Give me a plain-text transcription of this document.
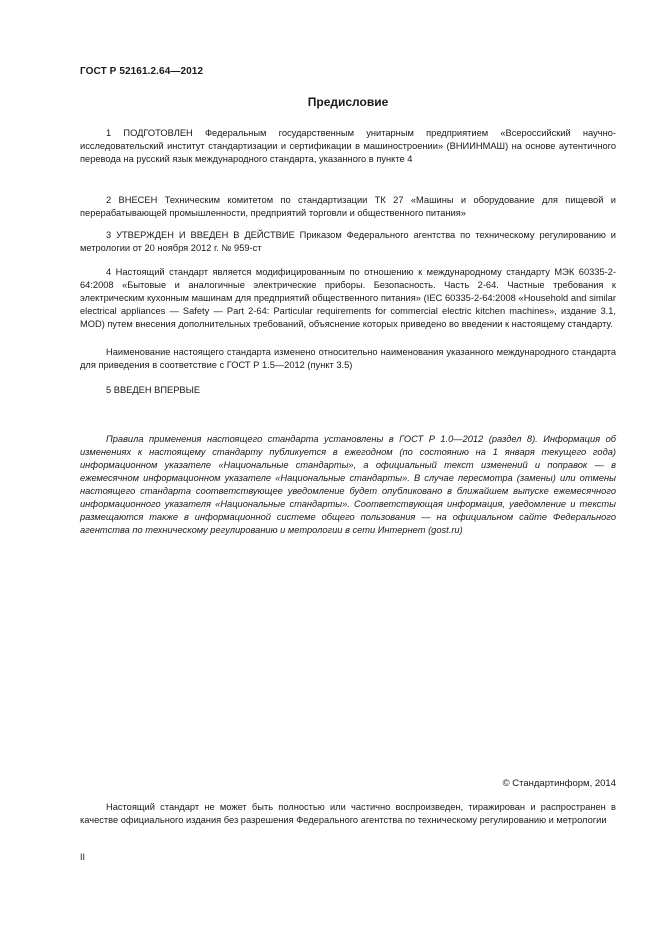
ГОСТ Р 52161.2.64—2012
Предисловие

1 ПОДГОТОВЛЕН Федеральным государственным унитарным предприятием «Всероссийский научно-исследовательский институт стандартизации и сертификации в машиностроении» (ВНИИНМАШ) на основе аутентичного перевода на русский язык международного стандарта, указанного в пункте 4

2 ВНЕСЕН Техническим комитетом по стандартизации ТК 27 «Машины и оборудование для пищевой и перерабатывающей промышленности, предприятий торговли и общественного питания»

3 УТВЕРЖДЕН И ВВЕДЕН В ДЕЙСТВИЕ Приказом Федерального агентства по техническому регулированию и метрологии от 20 ноября 2012 г. № 959-ст

4 Настоящий стандарт является модифицированным по отношению к международному стандарту МЭК 60335-2-64:2008 «Бытовые и аналогичные электрические приборы. Безопасность. Часть 2-64. Частные требования к электрическим кухонным машинам для предприятий общественного питания» (IEC 60335-2-64:2008 «Household and similar electrical appliances — Safety — Part 2-64: Particular requirements for commercial electric kitchen machines», издание 3.1, MOD) путем внесения дополнительных требований, объяснение которых приведено во введении к настоящему стандарту.

Наименование настоящего стандарта изменено относительно наименования указанного международного стандарта для приведения в соответствие с ГОСТ Р 1.5—2012 (пункт 3.5)

5 ВВЕДЕН ВПЕРВЫЕ

Правила применения настоящего стандарта установлены в ГОСТ Р 1.0—2012 (раздел 8). Информация об изменениях к настоящему стандарту публикуется в ежегодном (по состоянию на 1 января текущего года) информационном указателе «Национальные стандарты», а официальный текст изменений и поправок — в ежемесячном информационном указателе «Национальные стандарты». В случае пересмотра (замены) или отмены настоящего стандарта соответствующее уведомление будет опубликовано в ближайшем выпуске ежемесячного информационного указателя «Национальные стандарты». Соответствующая информация, уведомление и тексты размещаются также в информационной системе общего пользования — на официальном сайте Федерального агентства по техническому регулированию и метрологии в сети Интернет (gost.ru)

© Стандартинформ, 2014

Настоящий стандарт не может быть полностью или частично воспроизведен, тиражирован и распространен в качестве официального издания без разрешения Федерального агентства по техническому регулированию и метрологии

II
